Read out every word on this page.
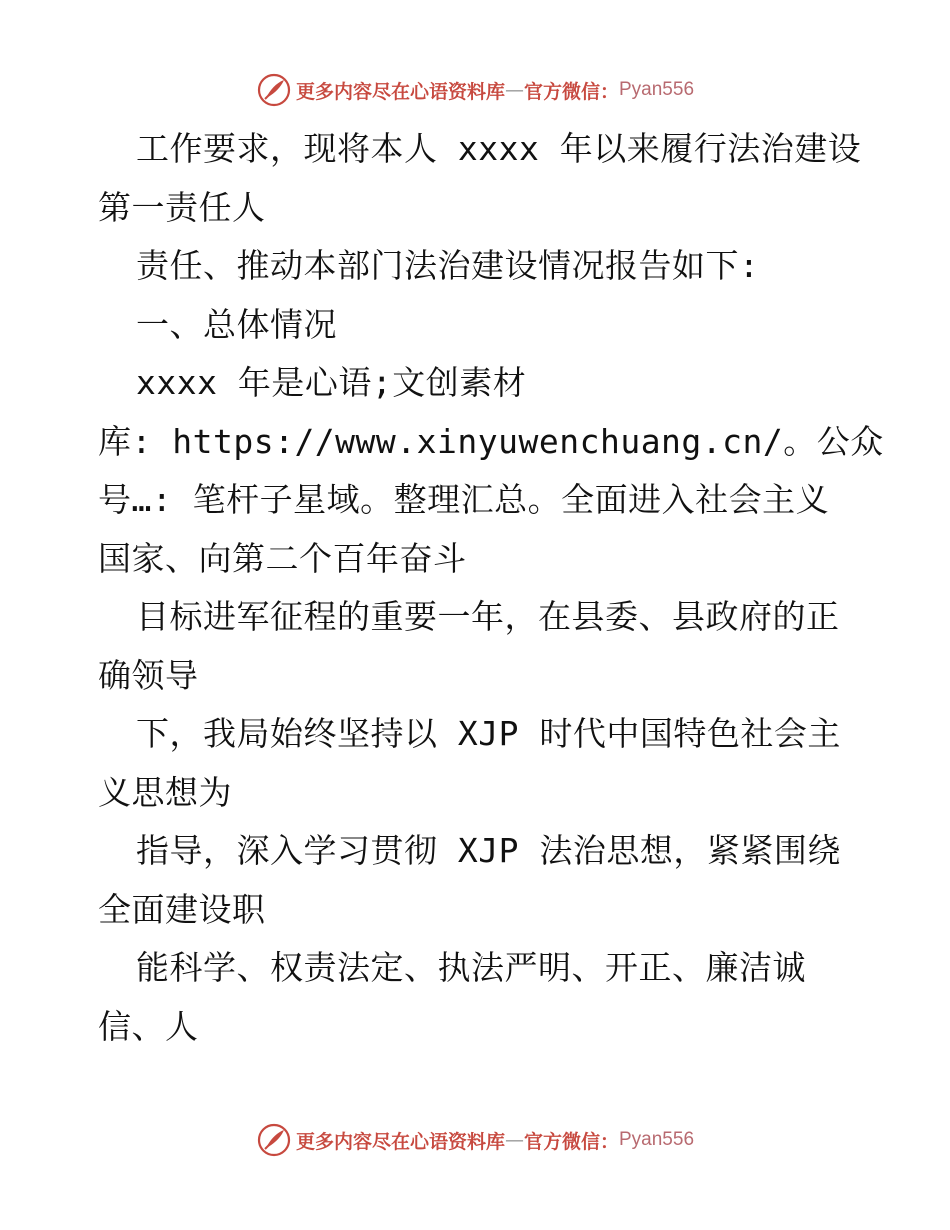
更多内容尽在心语资料库 — 官方微信： Pyan556
工作要求，现将本人 xxxx 年以来履行法治建设
第一责任人
责任、推动本部门法治建设情况报告如下:
一、总体情况
xxxx 年是心语;文创素材
库: https://www.xinyuwenchuang.cn/。公众
号…: 笔杆子星域。整理汇总。全面进入社会主义
国家、向第二个百年奋斗
目标进军征程的重要一年，在县委、县政府的正
确领导
下，我局始终坚持以 XJP 时代中国特色社会主
义思想为
指导，深入学习贯彻 XJP 法治思想，紧紧围绕
全面建设职
能科学、权责法定、执法严明、开正、廉洁诚
信、人
更多内容尽在心语资料库 — 官方微信： Pyan556
